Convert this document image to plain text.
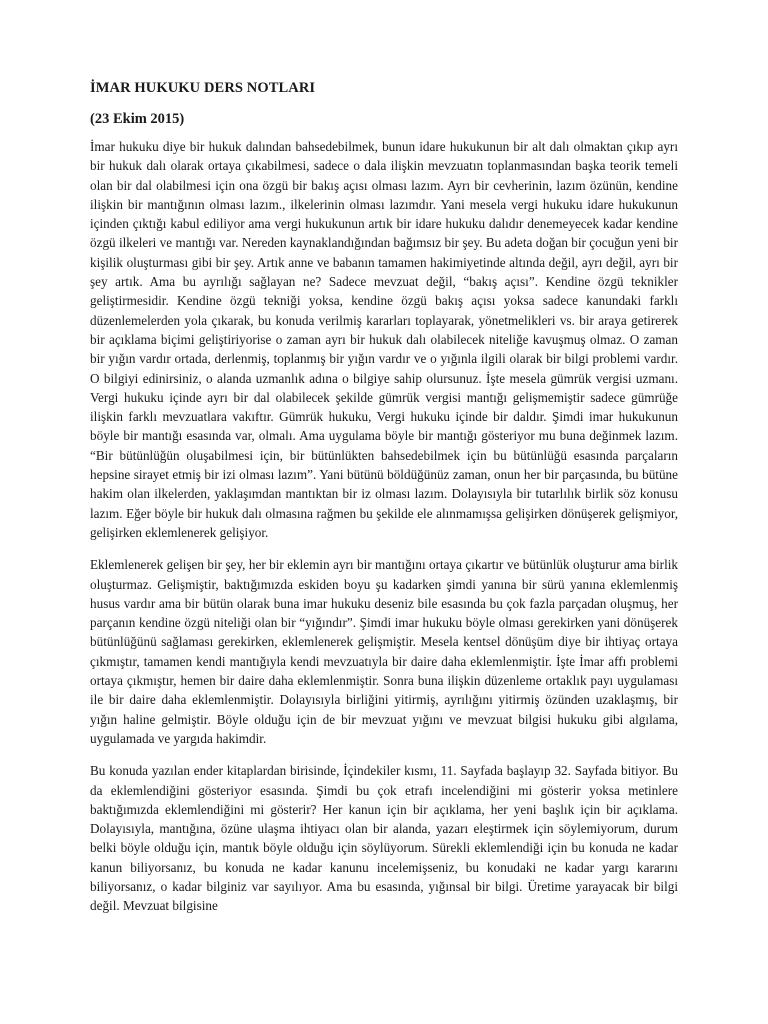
İMAR HUKUKU DERS NOTLARI
(23 Ekim 2015)

İmar hukuku diye bir hukuk dalından bahsedebilmek, bunun idare hukukunun bir alt dalı olmaktan çıkıp ayrı bir hukuk dalı olarak ortaya çıkabilmesi, sadece o dala ilişkin mevzuatın toplanmasından başka teorik temeli olan bir dal olabilmesi için ona özgü bir bakış açısı olması lazım. Ayrı bir cevherinin, lazım özünün, kendine ilişkin bir mantığının olması lazım., ilkelerinin olması lazımdır. Yani mesela vergi hukuku idare hukukunun içinden çıktığı kabul ediliyor ama vergi hukukunun artık bir idare hukuku dalıdır denemeyecek kadar kendine özgü ilkeleri ve mantığı var. Nereden kaynaklandığından bağımsız bir şey. Bu adeta doğan bir çocuğun yeni bir kişilik oluşturması gibi bir şey. Artık anne ve babanın tamamen hakimiyetinde altında değil, ayrı değil, ayrı bir şey artık. Ama bu ayrılığı sağlayan ne? Sadece mevzuat değil, “bakış açısı”. Kendine özgü teknikler geliştirmesidir. Kendine özgü tekniği yoksa, kendine özgü bakış açısı yoksa sadece kanundaki farklı düzenlemelerden yola çıkarak, bu konuda verilmiş kararları toplayarak, yönetmelikleri vs. bir araya getirerek bir açıklama biçimi geliştiriyorise o zaman ayrı bir hukuk dalı olabilecek niteliğe kavuşmuş olmaz. O zaman bir yığın vardır ortada, derlenmiş, toplanmış bir yığın vardır ve o yığınla ilgili olarak bir bilgi problemi vardır. O bilgiyi edinirsiniz, o alanda uzmanlık adına o bilgiye sahip olursunuz. İşte mesela gümrük vergisi uzmanı. Vergi hukuku içinde ayrı bir dal olabilecek şekilde gümrük vergisi mantığı gelişmemiştir sadece gümrüğe ilişkin farklı mevzuatlara vakıftır. Gümrük hukuku, Vergi hukuku içinde bir daldır. Şimdi imar hukukunun böyle bir mantığı esasında var, olmalı. Ama uygulama böyle bir mantığı gösteriyor mu buna değinmek lazım. “Bir bütünlüğün oluşabilmesi için, bir bütünlükten bahsedebilmek için bu bütünlüğü esasında parçaların hepsine sirayet etmiş bir izi olması lazım”. Yani bütünü böldüğünüz zaman, onun her bir parçasında, bu bütüne hakim olan ilkelerden, yaklaşımdan mantıktan bir iz olması lazım. Dolayısıyla bir tutarlılık birlik söz konusu lazım. Eğer böyle bir hukuk dalı olmasına rağmen bu şekilde ele alınmamışsa gelişirken dönüşerek gelişmiyor, gelişirken eklemlenerek gelişiyor.

Eklemlenerek gelişen bir şey, her bir eklemin ayrı bir mantığını ortaya çıkartır ve bütünlük oluşturur ama birlik oluşturmaz. Gelişmiştir, baktığımızda eskiden boyu şu kadarken şimdi yanına bir sürü yanına eklemlenmiş husus vardır ama bir bütün olarak buna imar hukuku deseniz bile esasında bu çok fazla parçadan oluşmuş, her parçanın kendine özgü niteliği olan bir “yığındır”. Şimdi imar hukuku böyle olması gerekirken yani dönüşerek bütünlüğünü sağlaması gerekirken, eklemlenerek gelişmiştir. Mesela kentsel dönüşüm diye bir ihtiyaç ortaya çıkmıştır, tamamen kendi mantığıyla kendi mevzuatıyla bir daire daha eklemlenmiştir. İşte İmar affı problemi ortaya çıkmıştır, hemen bir daire daha eklemlenmiştir. Sonra buna ilişkin düzenleme ortaklık payı uygulaması ile bir daire daha eklemlenmiştir. Dolayısıyla birliğini yitirmiş, ayrılığını yitirmiş özünden uzaklaşmış, bir yığın haline gelmiştir. Böyle olduğu için de bir mevzuat yığını ve mevzuat bilgisi hukuku gibi algılama, uygulamada ve yargıda hakimdir.

Bu konuda yazılan ender kitaplardan birisinde, İçindekiler kısmı, 11. Sayfada başlayıp 32. Sayfada bitiyor. Bu da eklemlendiğini gösteriyor esasında. Şimdi bu çok etrafı incelendiğini mi gösterir yoksa metinlere baktığımızda eklemlendiğini mi gösterir? Her kanun için bir açıklama, her yeni başlık için bir açıklama. Dolayısıyla, mantığına, özüne ulaşma ihtiyacı olan bir alanda, yazarı eleştirmek için söylemiyorum, durum belki böyle olduğu için, mantık böyle olduğu için söylüyorum. Sürekli eklemlendiği için bu konuda ne kadar kanun biliyorsanız, bu konuda ne kadar kanunu incelemişseniz, bu konudaki ne kadar yargı kararını biliyorsanız, o kadar bilginiz var sayılıyor. Ama bu esasında, yığınsal bir bilgi. Üretime yarayacak bir bilgi değil. Mevzuat bilgisine
